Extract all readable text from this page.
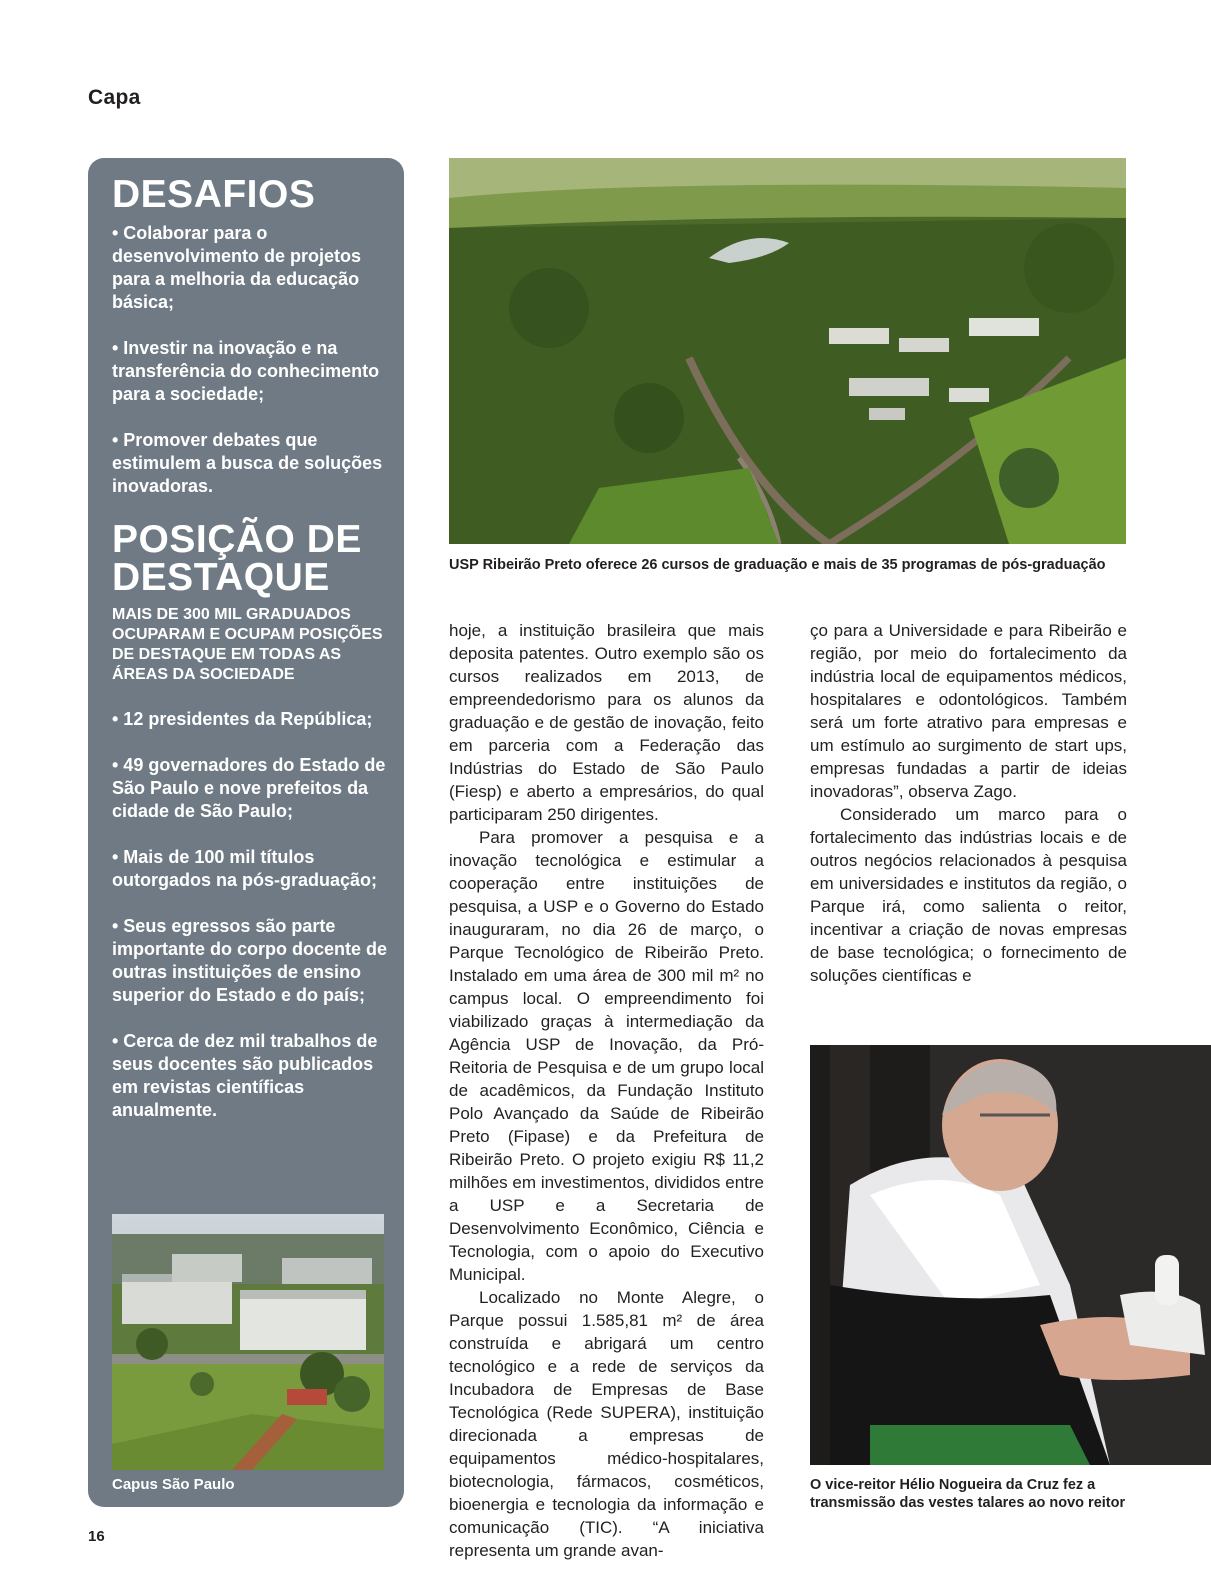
Capa
DESAFIOS
• Colaborar para o desenvolvimento de projetos para a melhoria da educação básica;
• Investir na inovação e na transferência do conhecimento para a sociedade;
• Promover debates que estimulem a busca de soluções inovadoras.
POSIÇÃO DE DESTAQUE
MAIS DE 300 MIL GRADUADOS OCUPARAM E OCUPAM POSIÇÕES DE DESTAQUE EM TODAS AS ÁREAS DA SOCIEDADE
• 12 presidentes da República;
• 49 governadores do Estado de São Paulo e nove prefeitos da cidade de São Paulo;
• Mais de 100 mil títulos outorgados na pós-graduação;
• Seus egressos são parte importante do corpo docente de outras instituições de ensino superior do Estado e do país;
• Cerca de dez mil trabalhos de seus docentes são publicados em revistas científicas anualmente.
Capus São Paulo
USP Ribeirão Preto oferece 26 cursos de graduação e mais de 35 programas de pós-graduação

hoje, a instituição brasileira que mais deposita patentes. Outro exemplo são os cursos realizados em 2013, de empreendedorismo para os alunos da graduação e de gestão de inovação, feito em parceria com a Federação das Indústrias do Estado de São Paulo (Fiesp) e aberto a empresários, do qual participaram 250 dirigentes.

Para promover a pesquisa e a inovação tecnológica e estimular a cooperação entre instituições de pesquisa, a USP e o Governo do Estado inauguraram, no dia 26 de março, o Parque Tecnológico de Ribeirão Preto. Instalado em uma área de 300 mil m² no campus local. O empreendimento foi viabilizado graças à intermediação da Agência USP de Inovação, da Pró-Reitoria de Pesquisa e de um grupo local de acadêmicos, da Fundação Instituto Polo Avançado da Saúde de Ribeirão Preto (Fipase) e da Prefeitura de Ribeirão Preto. O projeto exigiu R$ 11,2 milhões em investimentos, divididos entre a USP e a Secretaria de Desenvolvimento Econômico, Ciência e Tecnologia, com o apoio do Executivo Municipal.

Localizado no Monte Alegre, o Parque possui 1.585,81 m² de área construída e abrigará um centro tecnológico e a rede de serviços da Incubadora de Empresas de Base Tecnológica (Rede SUPERA), instituição direcionada a empresas de equipamentos médico-hospitalares, biotecnologia, fármacos, cosméticos, bioenergia e tecnologia da informação e comunicação (TIC). “A iniciativa representa um grande avan-

ço para a Universidade e para Ribeirão e região, por meio do fortalecimento da indústria local de equipamentos médicos, hospitalares e odontológicos. Também será um forte atrativo para empresas e um estímulo ao surgimento de start ups, empresas fundadas a partir de ideias inovadoras”, observa Zago.

Considerado um marco para o fortalecimento das indústrias locais e de outros negócios relacionados à pesquisa em universidades e institutos da região, o Parque irá, como salienta o reitor, incentivar a criação de novas empresas de base tecnológica; o fornecimento de soluções científicas e

O vice-reitor Hélio Nogueira da Cruz fez a transmissão das vestes talares ao novo reitor
16
